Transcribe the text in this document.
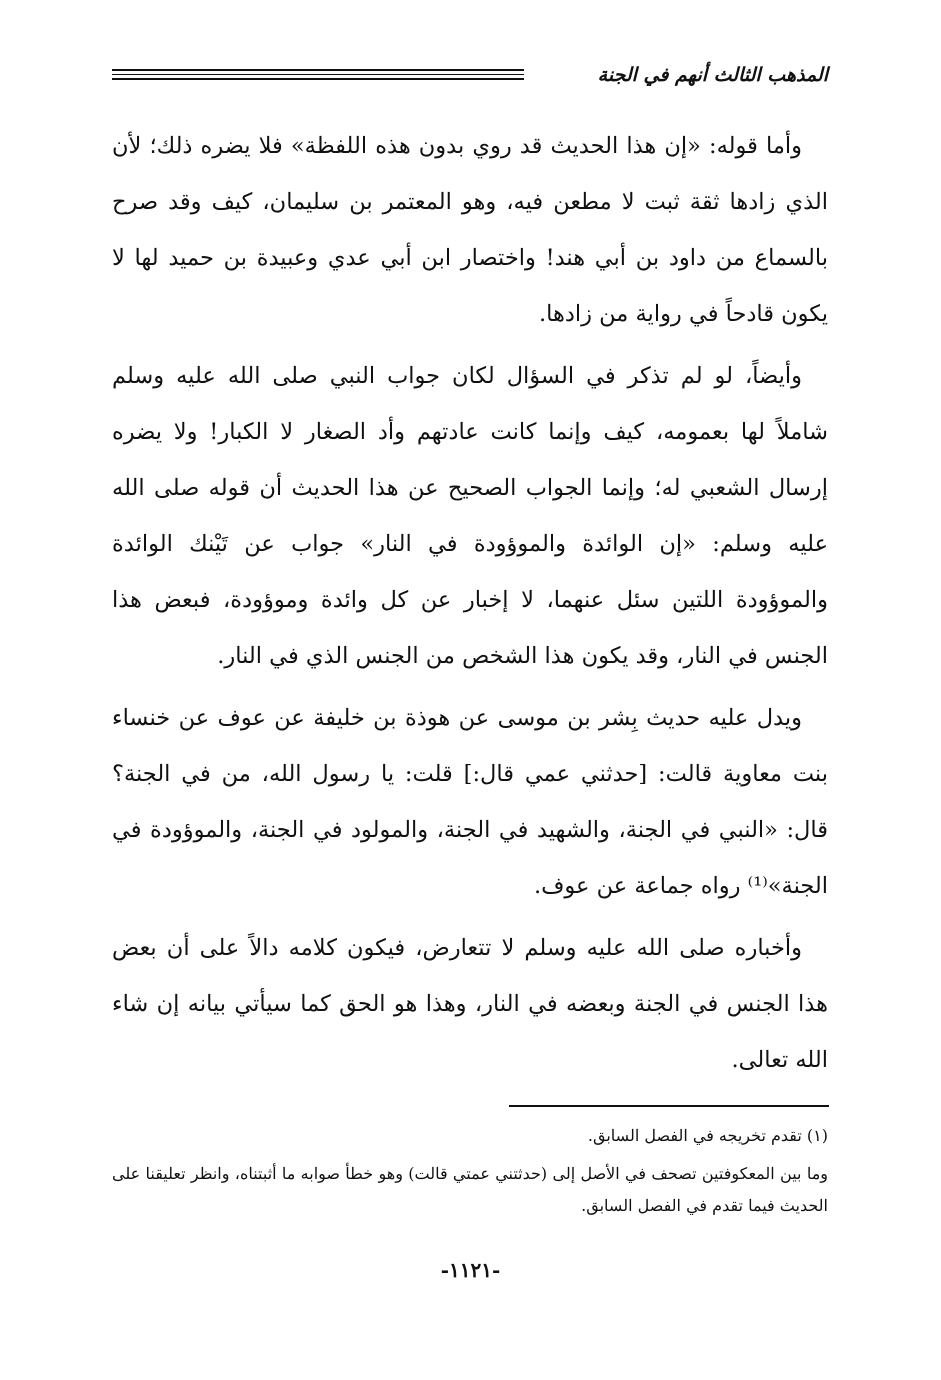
المذهب الثالث أنهم في الجنة

وأما قوله: «إن هذا الحديث قد روي بدون هذه اللفظة» فلا يضره ذلك؛ لأن الذي زادها ثقة ثبت لا مطعن فيه، وهو المعتمر بن سليمان، كيف وقد صرح بالسماع من داود بن أبي هند! واختصار ابن أبي عدي وعبيدة بن حميد لها لا يكون قادحاً في رواية من زادها.

وأيضاً، لو لم تذكر في السؤال لكان جواب النبي صلى الله عليه وسلم شاملاً لها بعمومه، كيف وإنما كانت عادتهم وأد الصغار لا الكبار! ولا يضره إرسال الشعبي له؛ وإنما الجواب الصحيح عن هذا الحديث أن قوله صلى الله عليه وسلم: «إن الوائدة والموؤودة في النار» جواب عن تَيْنك الوائدة والموؤودة اللتين سئل عنهما، لا إخبار عن كل وائدة وموؤودة، فبعض هذا الجنس في النار، وقد يكون هذا الشخص من الجنس الذي في النار.

ويدل عليه حديث بِشر بن موسى عن هوذة بن خليفة عن عوف عن خنساء بنت معاوية قالت: [حدثني عمي قال:] قلت: يا رسول الله، من في الجنة؟ قال: «النبي في الجنة، والشهيد في الجنة، والمولود في الجنة، والموؤودة في الجنة»⁽¹⁾ رواه جماعة عن عوف.

وأخباره صلى الله عليه وسلم لا تتعارض، فيكون كلامه دالاً على أن بعض هذا الجنس في الجنة وبعضه في النار، وهذا هو الحق كما سيأتي بيانه إن شاء الله تعالى.

(١) تقدم تخريجه في الفصل السابق.

وما بين المعكوفتين تصحف في الأصل إلى (حدثتني عمتي قالت) وهو خطأ صوابه ما أثبتناه، وانظر تعليقنا على الحديث فيما تقدم في الفصل السابق.

-١١٢١-
